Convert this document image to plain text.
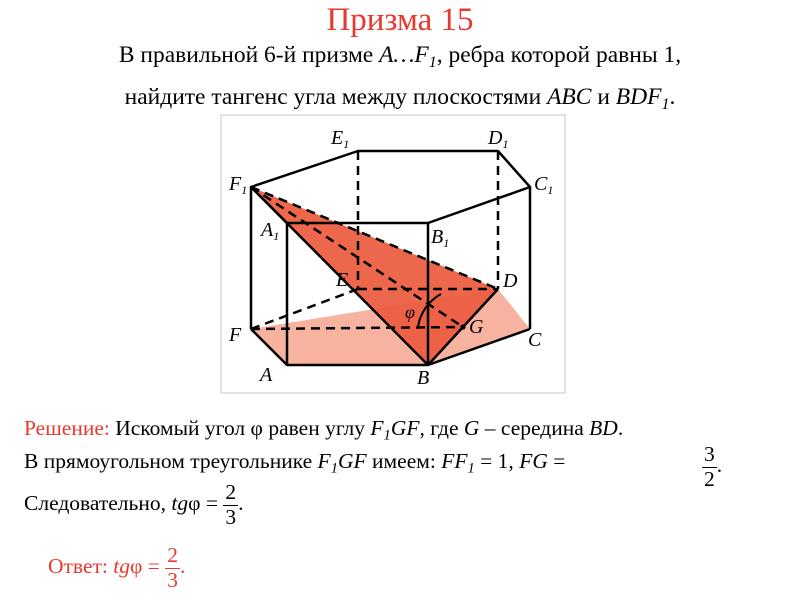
Призма 15
В правильной 6-й призме $A\dots F_1$, ребра которой равны 1,
найдите тангенс угла между плоскостями ABC и $BDF_1$.
$E_1$	$D_1$
$F_1$	$C_1$
$A_1$	$B_1$
E	D
F	C
A	B
G
φ
Решение: Искомый угол φ равен углу $F_1GF$, где G – середина BD.
В прямоугольном треугольнике $F_1GF$ имеем: $FF_1 = 1$, FG =	$\frac{3}{2}$ .
Следовательно, $tg\varphi = \frac{2}{3}$ .
Ответ: $tg\varphi = \frac{2}{3}$ .
